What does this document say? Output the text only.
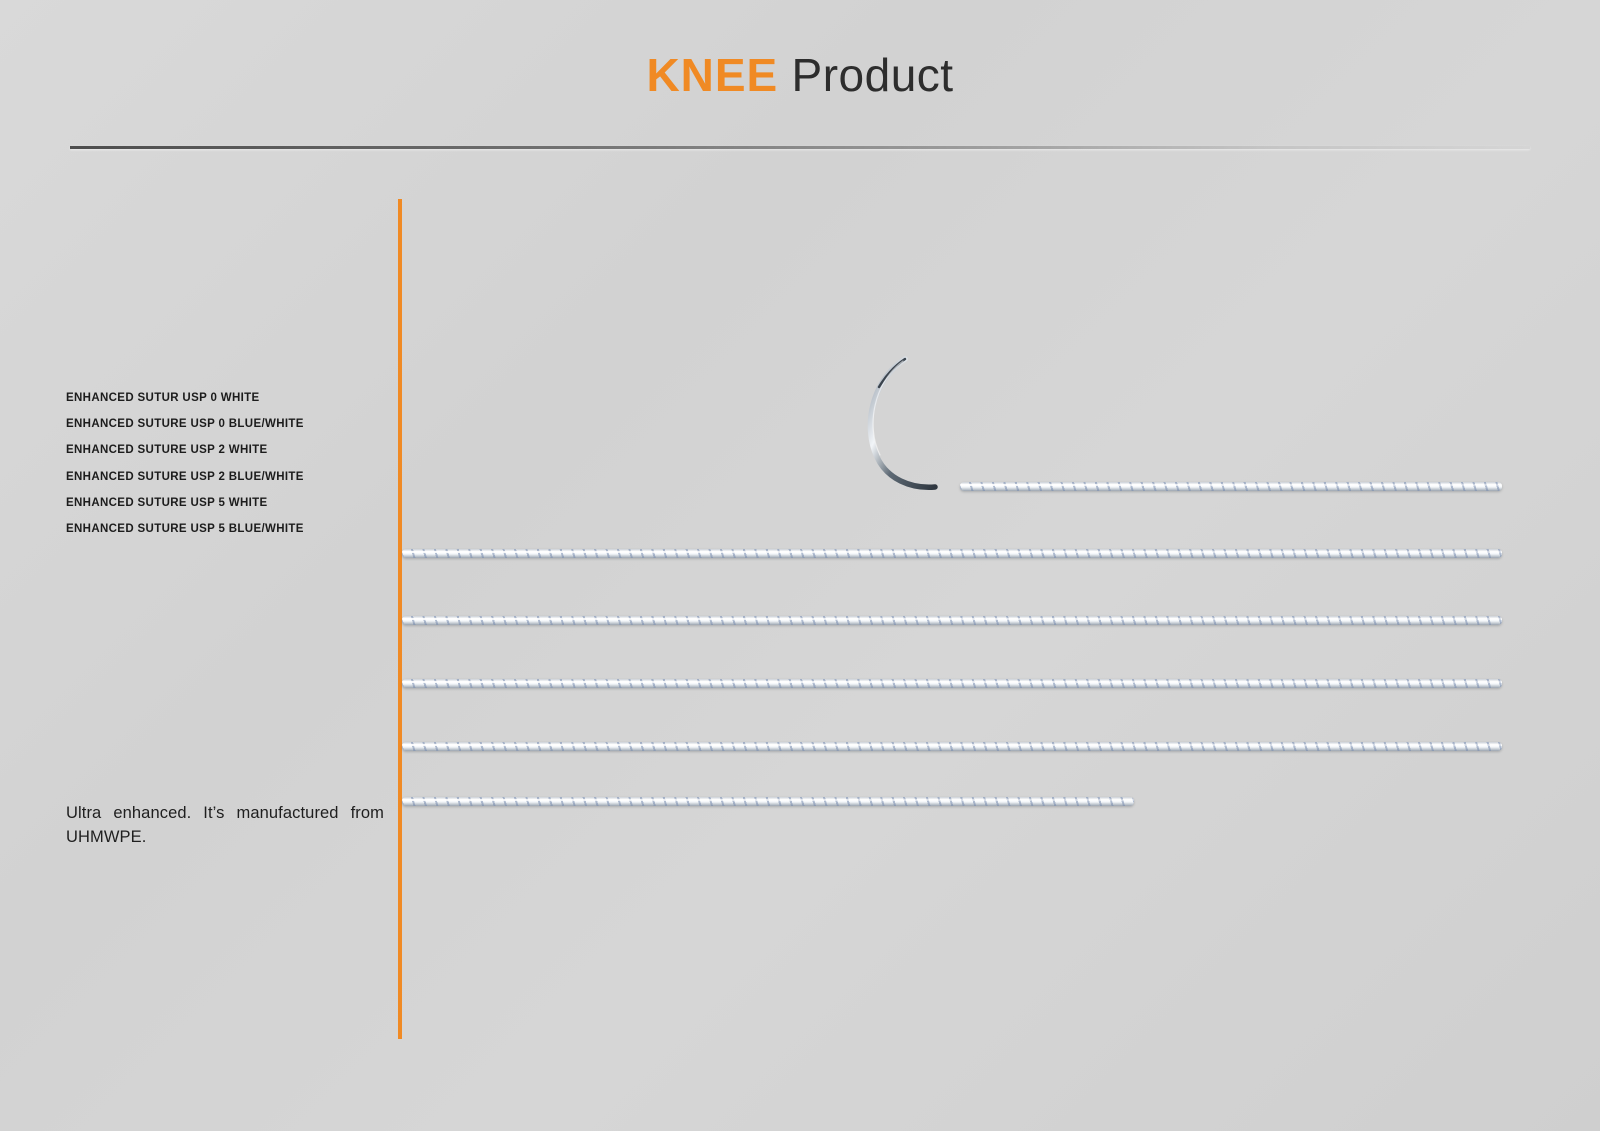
KNEE Product
ENHANCED SUTUR USP 0 WHITE
ENHANCED SUTURE USP 0 BLUE/WHITE
ENHANCED SUTURE USP 2 WHITE
ENHANCED SUTURE USP 2 BLUE/WHITE
ENHANCED SUTURE USP 5 WHITE
ENHANCED SUTURE USP 5 BLUE/WHITE
Ultra enhanced. It’s manufactured from UHMWPE.
